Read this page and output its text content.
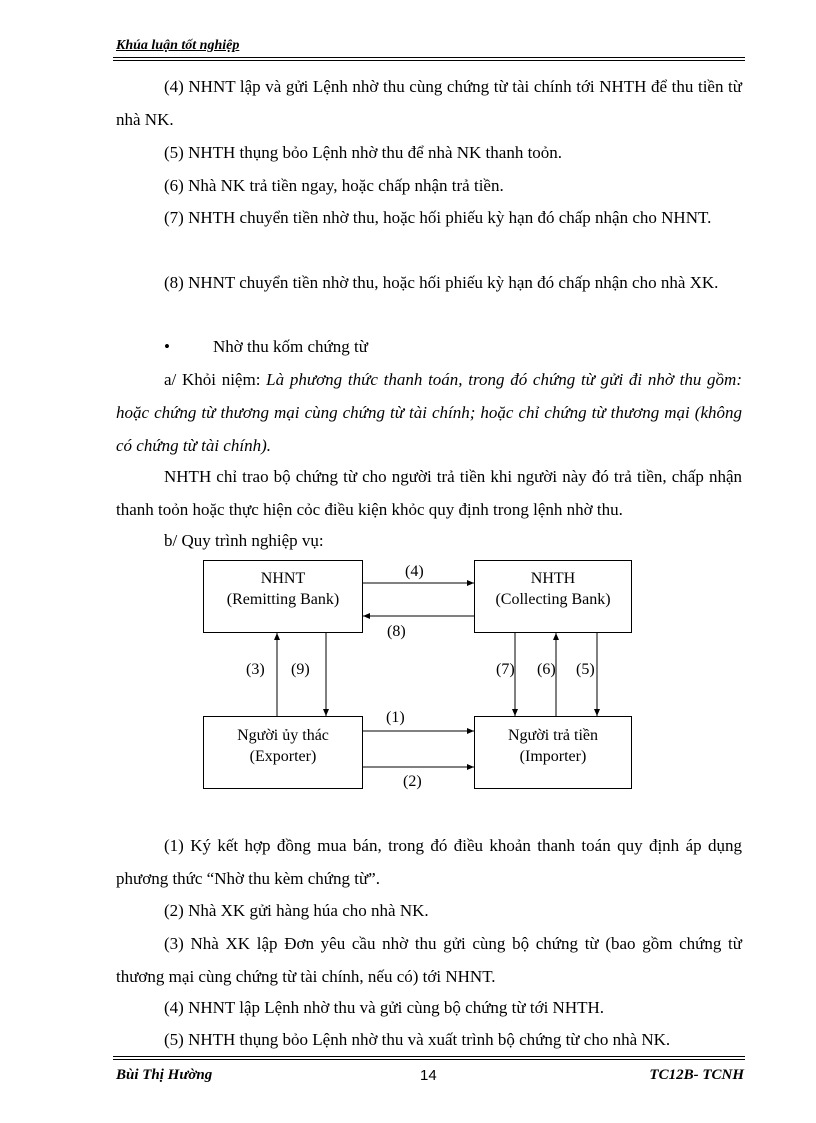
Khúa luận tốt nghiệp
(4) NHNT lập và gửi Lệnh nhờ thu cùng chứng từ tài chính tới NHTH để thu tiền từ nhà NK.
(5) NHTH thụng bỏo Lệnh nhờ thu để nhà NK thanh toỏn.
(6) Nhà NK trả tiền ngay, hoặc chấp nhận trả tiền.
(7) NHTH chuyển tiền nhờ thu, hoặc hối phiếu kỳ hạn đó chấp nhận cho NHNT.
(8) NHNT chuyển tiền nhờ thu, hoặc hối phiếu kỳ hạn đó chấp nhận cho nhà XK.
•	Nhờ thu kốm chứng từ
a/ Khỏi niệm: Là phương thức thanh toán, trong đó chứng từ gửi đi nhờ thu gồm: hoặc chứng từ thương mại cùng chứng từ tài chính; hoặc chỉ chứng từ thương mại (không có chứng từ tài chính).
NHTH chỉ trao bộ chứng từ cho người trả tiền khi người này đó trả tiền, chấp nhận thanh toỏn hoặc thực hiện cỏc điều kiện khỏc quy định trong lệnh nhờ thu.
b/ Quy trình nghiệp vụ:
NHNT
(Remitting Bank)
NHTH
(Collecting Bank)
Người ủy thác
(Exporter)
Người trả tiền
(Importer)
(4)
(8)
(3) (9)	(7) (6) (5)
(1)
(2)
(1) Ký kết hợp đồng mua bán, trong đó điều khoản thanh toán quy định áp dụng phương thức “Nhờ thu kèm chứng từ”.
(2) Nhà XK gửi hàng húa cho nhà NK.
(3) Nhà XK lập Đơn yêu cầu nhờ thu gửi cùng bộ chứng từ (bao gồm chứng từ thương mại cùng chứng từ tài chính, nếu có) tới NHNT.
(4) NHNT lập Lệnh nhờ thu và gửi cùng bộ chứng từ tới NHTH.
(5) NHTH thụng bỏo Lệnh nhờ thu và xuất trình bộ chứng từ cho nhà NK.
Bùi Thị Hường	14	TC12B- TCNH
